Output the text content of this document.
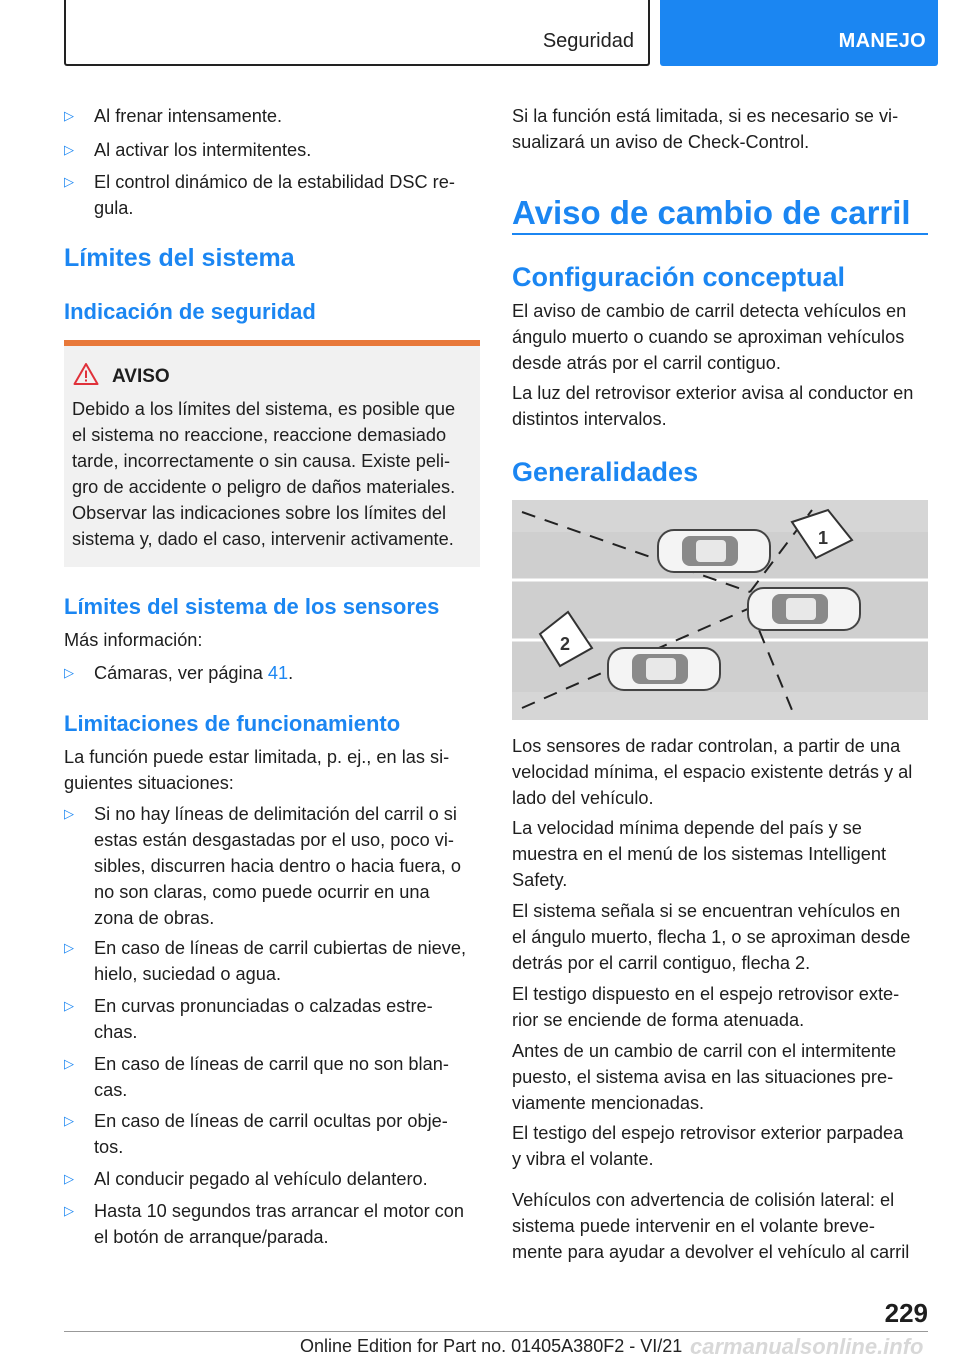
Seguridad	MANEJO
▷ Al frenar intensamente.
▷ Al activar los intermitentes.
▷ El control dinámico de la estabilidad DSC re-
gula.
Límites del sistema
Indicación de seguridad
AVISO
Debido a los límites del sistema, es posible que
el sistema no reaccione, reaccione demasiado
tarde, incorrectamente o sin causa. Existe peli-
gro de accidente o peligro de daños materiales.
Observar las indicaciones sobre los límites del
sistema y, dado el caso, intervenir activamente.
Límites del sistema de los sensores

Más información:

▷ Cámaras, ver página 41.
Limitaciones de funcionamiento

La función puede estar limitada, p. ej., en las si-

guientes situaciones:

▷ Si no hay líneas de delimitación del carril o si
estas están desgastadas por el uso, poco vi-
sibles, discurren hacia dentro o hacia fuera, o
no son claras, como puede ocurrir en una
zona de obras.
▷ En caso de líneas de carril cubiertas de nieve,
hielo, suciedad o agua.
▷ En curvas pronunciadas o calzadas estre-
chas.
▷ En caso de líneas de carril que no son blan-
cas.
▷ En caso de líneas de carril ocultas por obje-
tos.
▷ Al conducir pegado al vehículo delantero.
▷ Hasta 10 segundos tras arrancar el motor con
el botón de arranque/parada.

Si la función está limitada, si es necesario se vi-

sualizará un aviso de Check-Control.

Aviso de cambio de carril
Configuración conceptual

El aviso de cambio de carril detecta vehículos en

ángulo muerto o cuando se aproximan vehículos

desde atrás por el carril contiguo.

La luz del retrovisor exterior avisa al conductor en

distintos intervalos.

Generalidades
1
2

Los sensores de radar controlan, a partir de una

velocidad mínima, el espacio existente detrás y al

lado del vehículo.

La velocidad mínima depende del país y se

muestra en el menú de los sistemas Intelligent

Safety.

El sistema señala si se encuentran vehículos en

el ángulo muerto, flecha 1, o se aproximan desde

detrás por el carril contiguo, flecha 2.

El testigo dispuesto en el espejo retrovisor exte-

rior se enciende de forma atenuada.

Antes de un cambio de carril con el intermitente

puesto, el sistema avisa en las situaciones pre-

viamente mencionadas.

El testigo del espejo retrovisor exterior parpadea

y vibra el volante.

Vehículos con advertencia de colisión lateral: el

sistema puede intervenir en el volante breve-

mente para ayudar a devolver el vehículo al carril

229
Online Edition for Part no. 01405A380F2 - VI/21 carmanualsonline.info
